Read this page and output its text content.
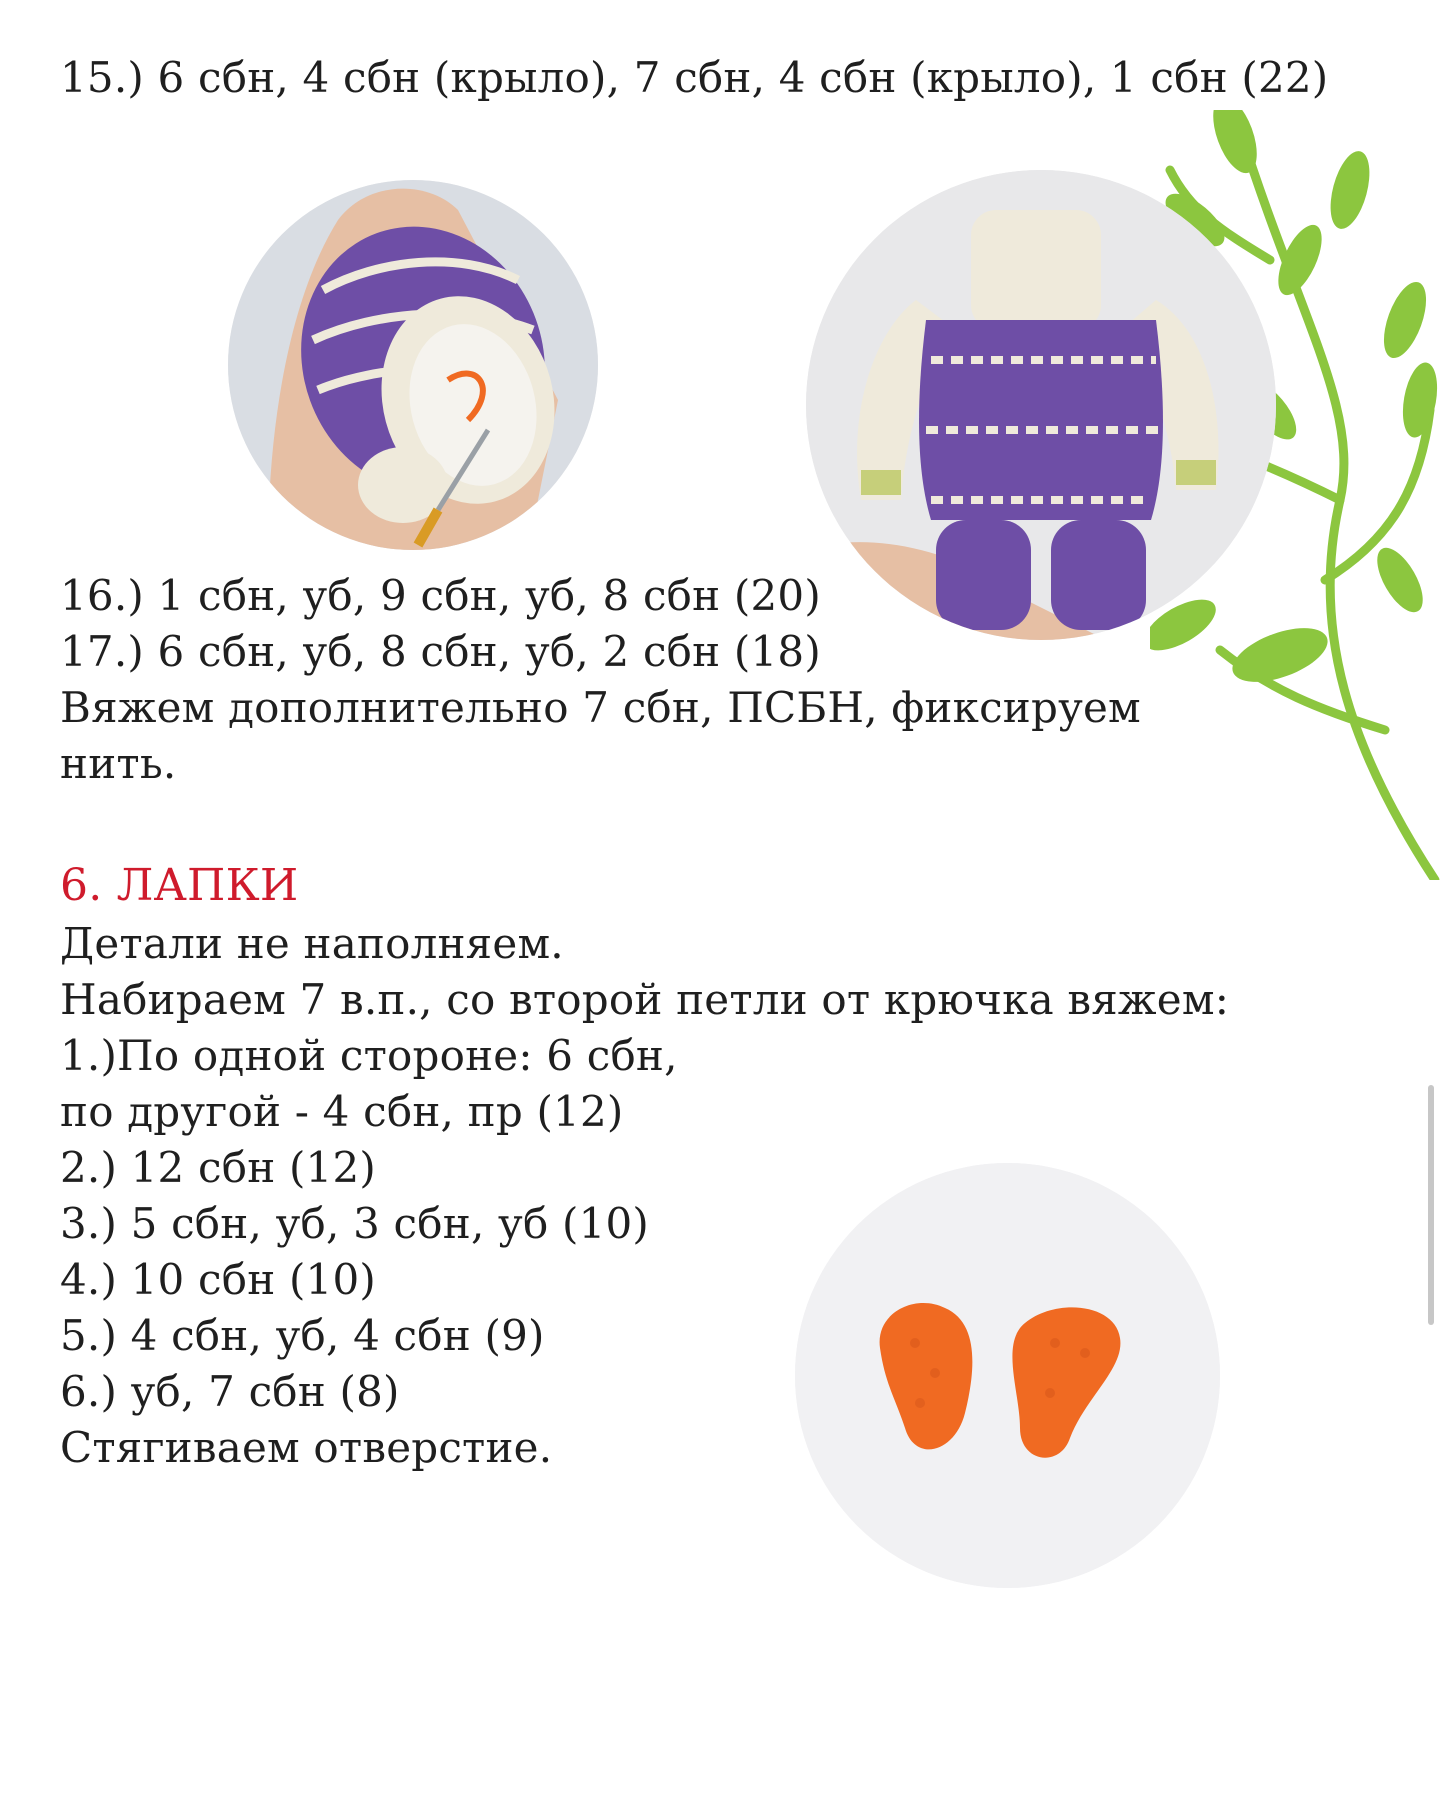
15.) 6 сбн, 4 сбн (крыло), 7 сбн, 4 сбн (крыло), 1 сбн (22)

16.) 1 сбн, уб, 9 сбн, уб, 8 сбн (20)

17.) 6 сбн, уб, 8 сбн, уб, 2 сбн (18)

Вяжем дополнительно 7 сбн, ПСБН, фиксируем

нить.

6. ЛАПКИ

Детали не наполняем.

Набираем 7 в.п., со второй петли от крючка вяжем:

1.)По одной стороне: 6 сбн,

по другой - 4 сбн, пр (12)

2.) 12 сбн (12)

3.) 5 сбн, уб, 3 сбн, уб (10)

4.) 10 сбн (10)

5.) 4 сбн, уб, 4 сбн (9)

6.) уб, 7 сбн (8)

Стягиваем отверстие.
